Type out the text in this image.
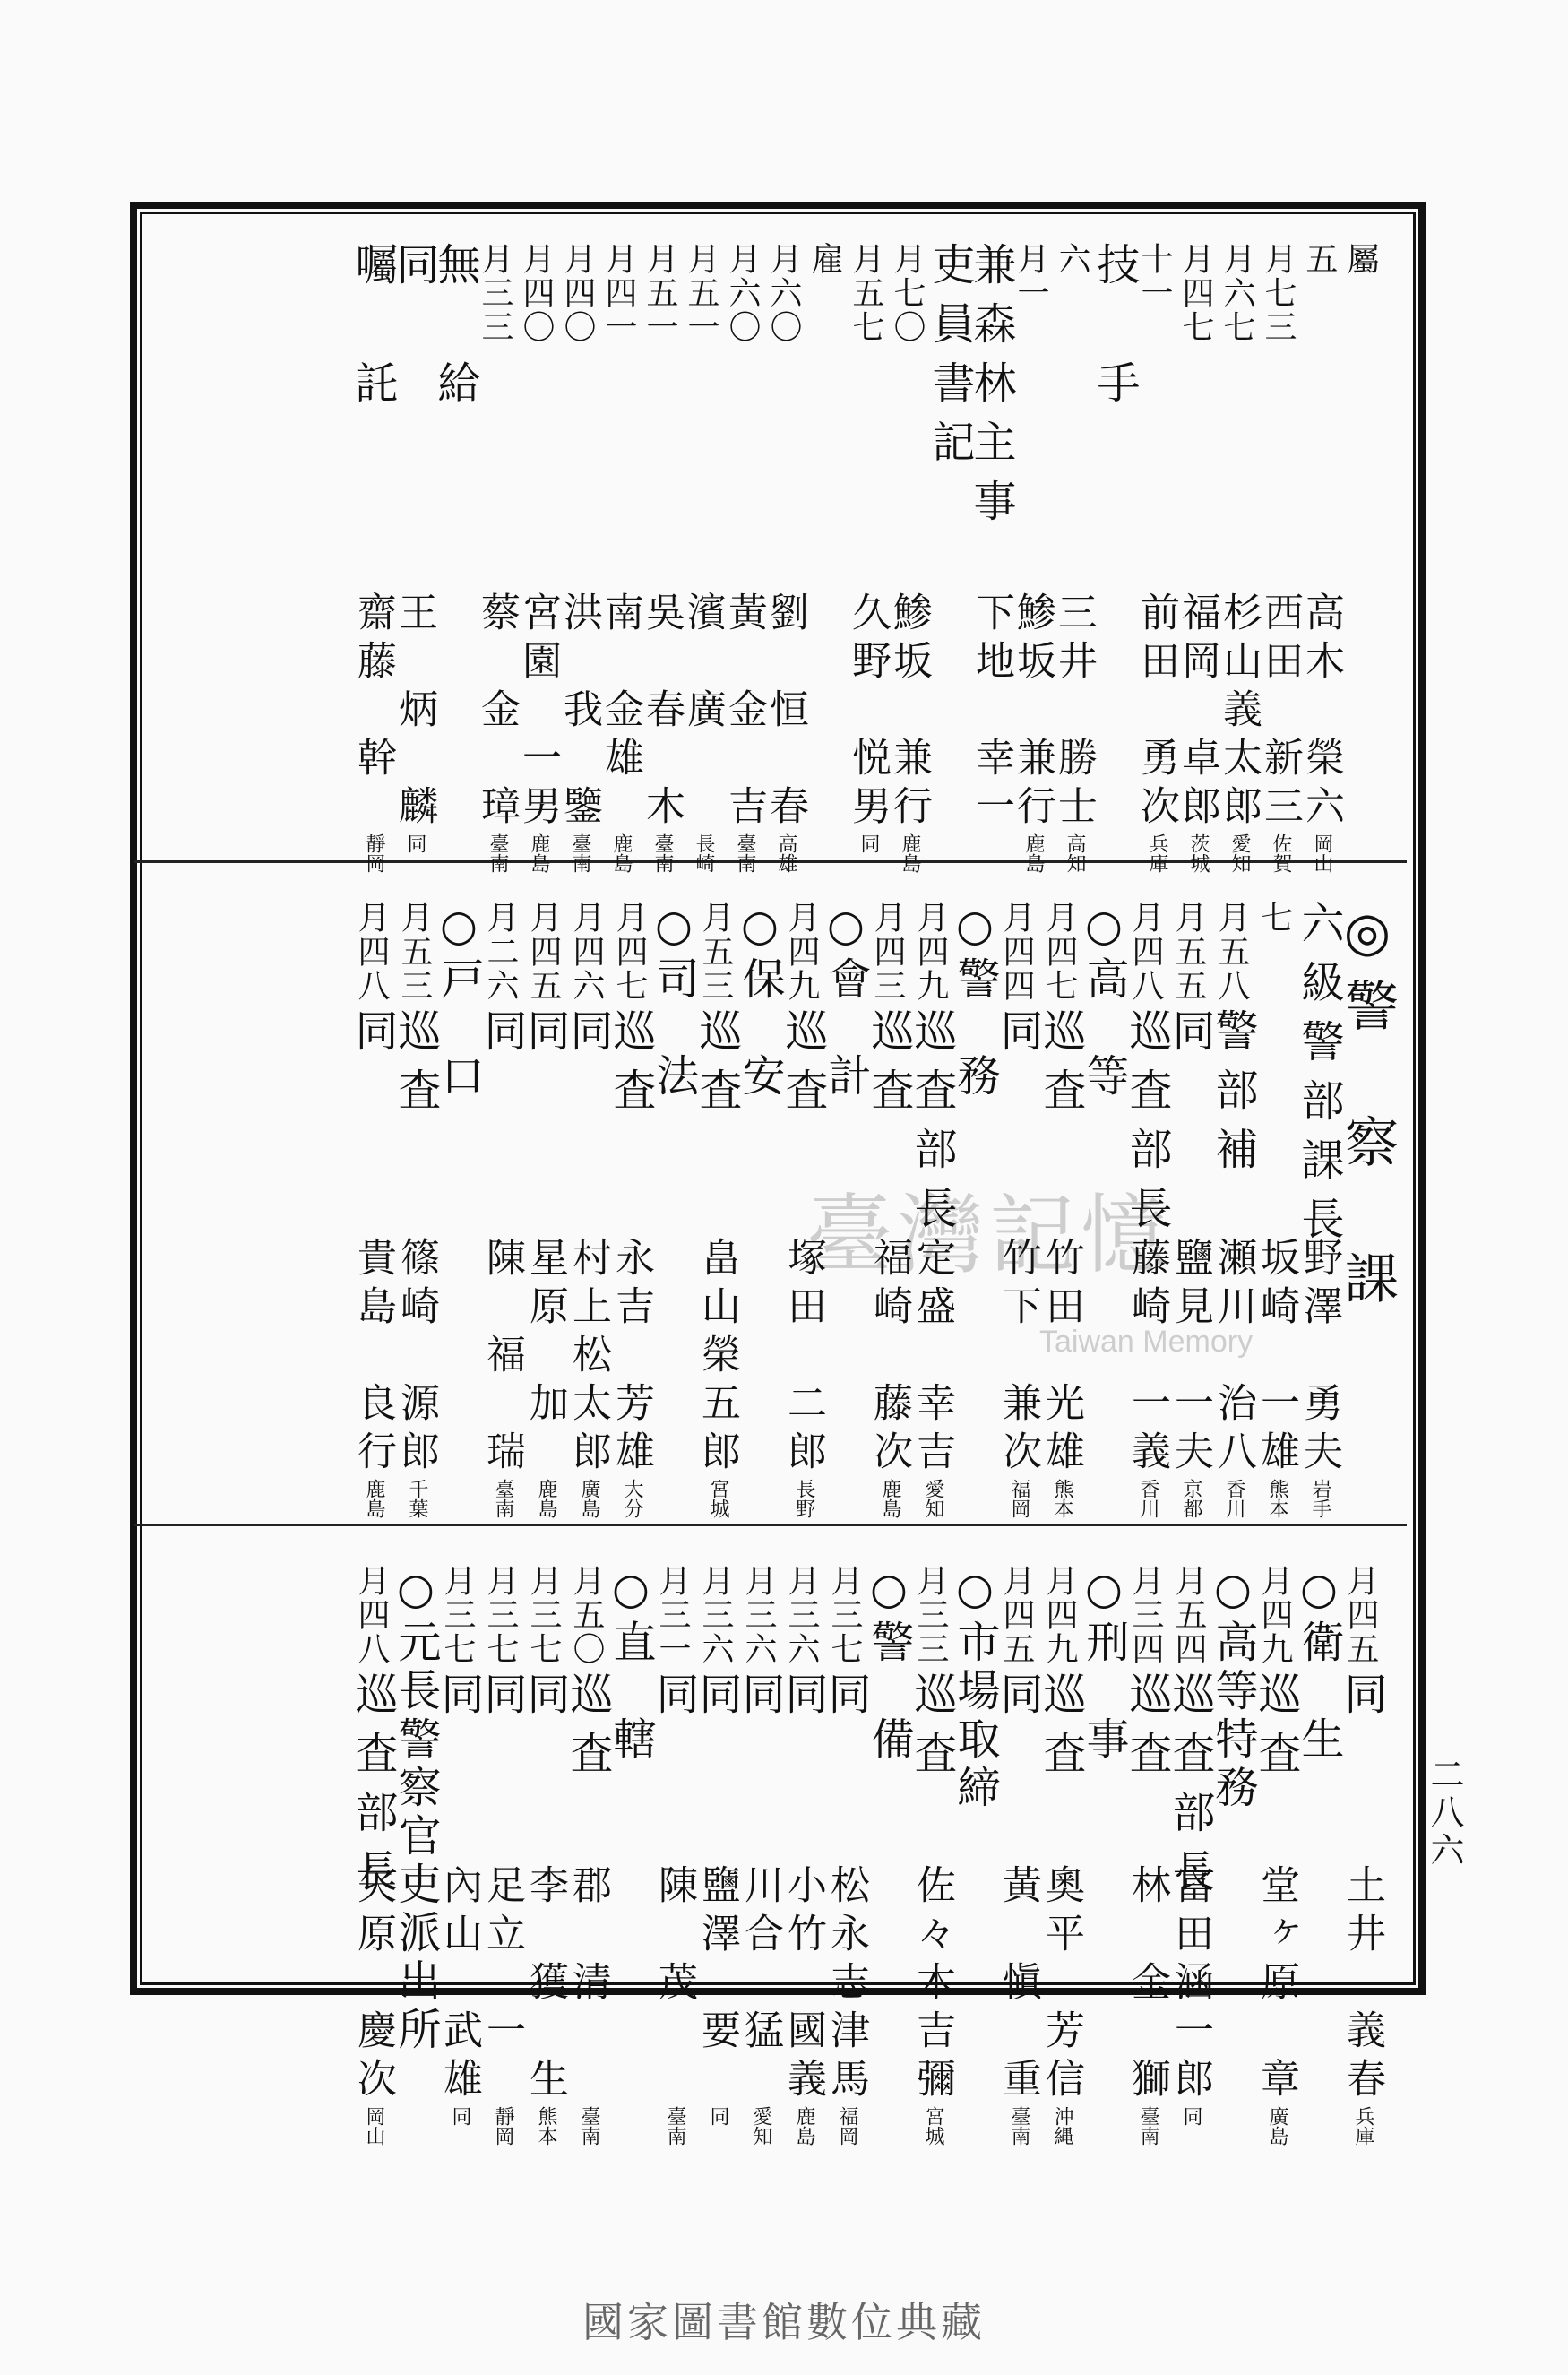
臺灣記憶
Taiwan Memory
屬
五
高木　榮六
岡山
月七三
西田　新三
佐賀
月六七
杉山義太郎
愛知
月四七
福岡　卓郎
茨城
十一
前田　勇次
兵庫
技　手
六
三井　勝士
高知
月一
鯵坂　兼行
鹿島
兼森林主事
下地　幸一
吏員書記
月七〇
鯵坂　兼行
鹿島
月五七
久野　悦男
同
雇
月六〇
劉　恒　春
高雄
月六〇
黃　金　吉
臺南
月五一
濱　廣
長崎
月五一
吳　春　木
臺南
月四一
南　金雄
鹿島
月四〇
洪　我　鑒
臺南
月四〇
宮園　一男
鹿島
月三三
蔡　金　璋
臺南
無　給
同
王　炳　麟
同
囑　託
齋藤　幹
靜岡
◎警　察　課
六級警部課長
野澤　勇夫
岩手
七
坂崎　一雄
熊本
月五八
警部補
瀬川　治八
香川
月五五
同
鹽見　一夫
京都
月四八
巡査部長
藤崎　一義
香川
○高　等
月四七
巡査
竹田　光雄
熊本
月四四
同
竹下　兼次
福岡
○警　務
月四九
巡査部長
定盛　幸吉
愛知
月四三
巡査
福崎　藤次
鹿島
○會　計
月四九
巡査
塚田　二郎
長野
○保　安
月五三
巡査
畠山榮五郎
宮城
○司　法
月四七
巡査
永吉　芳雄
大分
月四六
同
村上松太郎
廣島
月四五
同
星原　加
鹿島
月二六
同
陳　福　瑞
臺南
○戸　口
月五三
巡査
篠崎　源郎
千葉
月四八
同
貴島　良行
鹿島
月四五
同
土井　義春
兵庫
○衛　生
月四九
巡査
堂ヶ原　章
廣島
○高等特務
月五四
巡査部長
富田涵一郎
同
月三四
巡査
林　金　獅
臺南
○刑　事
月四九
巡査
奧平　芳信
沖縄
月四五
同
黃　愼　重
臺南
○市場取締
月三三
巡査
佐々木吉彌
宮城
○警　備
月三七
同
松永志津馬
福岡
月三六
同
小竹　國義
鹿島
月三六
同
川合　猛
愛知
月三六
同
鹽澤　要
同
月三一
同
陳　茂
臺南
○直　轄
月五〇
巡査
郡　清
臺南
月三七
同
李　獲　生
熊本
月三七
同
足立　一
靜岡
月三七
同
內山　武雄
同
○元長警察官吏派出所
月四八
巡査部長
矢原　慶次
岡山
二八六
國家圖書館數位典藏
